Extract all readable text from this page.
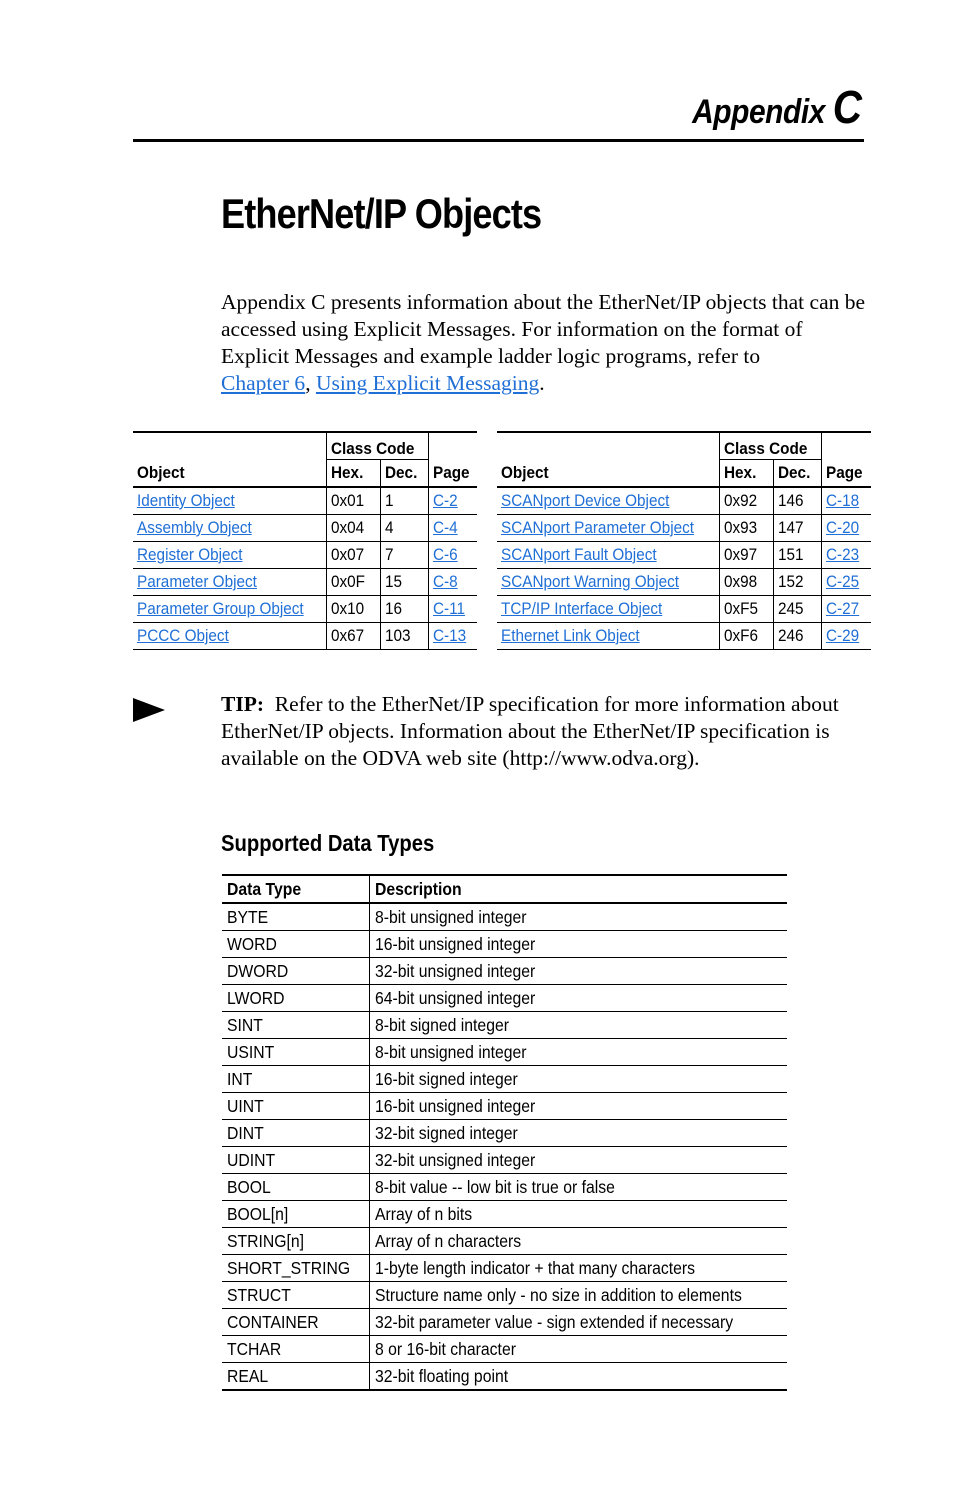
Appendix C
EtherNet/IP Objects

Appendix C presents information about the EtherNet/IP objects that can be accessed using Explicit Messages. For information on the format of Explicit Messages and example ladder logic programs, refer to
Chapter 6, Using Explicit Messaging.

	Class Code		
Object	Hex.	Dec.	Page
Identity Object	0x01	1	C-2
Assembly Object	0x04	4	C-4
Register Object	0x07	7	C-6
Parameter Object	0x0F	15	C-8
Parameter Group Object	0x10	16	C-11
PCCC Object	0x67	103	C-13
	Class Code		
Object	Hex.	Dec.	Page
SCANport Device Object	0x92	146	C-18
SCANport Parameter Object	0x93	147	C-20
SCANport Fault Object	0x97	151	C-23
SCANport Warning Object	0x98	152	C-25
TCP/IP Interface Object	0xF5	245	C-27
Ethernet Link Object	0xF6	246	C-29

TIP: Refer to the EtherNet/IP specification for more information about EtherNet/IP objects. Information about the EtherNet/IP specification is available on the ODVA web site (http://www.odva.org).

Supported Data Types
Data Type	Description
BYTE	8-bit unsigned integer
WORD	16-bit unsigned integer
DWORD	32-bit unsigned integer
LWORD	64-bit unsigned integer
SINT	8-bit signed integer
USINT	8-bit unsigned integer
INT	16-bit signed integer
UINT	16-bit unsigned integer
DINT	32-bit signed integer
UDINT	32-bit unsigned integer
BOOL	8-bit value -- low bit is true or false
BOOL[n]	Array of n bits
STRING[n]	Array of n characters
SHORT_STRING	1-byte length indicator + that many characters
STRUCT	Structure name only - no size in addition to elements
CONTAINER	32-bit parameter value - sign extended if necessary
TCHAR	8 or 16-bit character
REAL	32-bit floating point
